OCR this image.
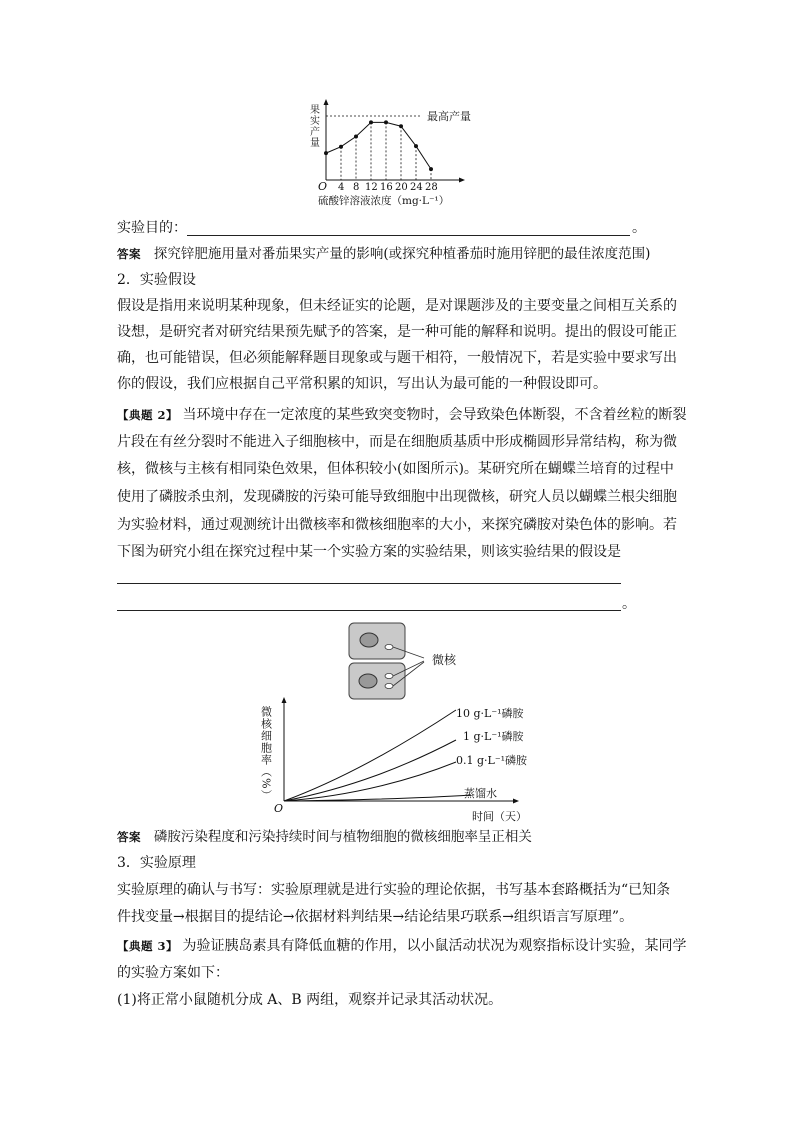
果实产量
O 4 8 12 16 20 24 28
最高产量
硫酸锌溶液浓度（mg·L⁻¹）
实验目的：	。
答案 探究锌肥施用量对番茄果实产量的影响(或探究种植番茄时施用锌肥的最佳浓度范围)
2．实验假设
假设是指用来说明某种现象，但未经证实的论题，是对课题涉及的主要变量之间相互关系的
设想，是研究者对研究结果预先赋予的答案，是一种可能的解释和说明。提出的假设可能正
确，也可能错误，但必须能解释题目现象或与题干相符，一般情况下，若是实验中要求写出
你的假设，我们应根据自己平常积累的知识，写出认为最可能的一种假设即可。
【典题 2】 当环境中存在一定浓度的某些致突变物时，会导致染色体断裂，不含着丝粒的断裂
片段在有丝分裂时不能进入子细胞核中，而是在细胞质基质中形成椭圆形异常结构，称为微
核，微核与主核有相同染色效果，但体积较小(如图所示)。某研究所在蝴蝶兰培育的过程中
使用了磷胺杀虫剂，发现磷胺的污染可能导致细胞中出现微核，研究人员以蝴蝶兰根尖细胞
为实验材料，通过观测统计出微核率和微核细胞率的大小，来探究磷胺对染色体的影响。若
下图为研究小组在探究过程中某一个实验方案的实验结果，则该实验结果的假设是
。
微核
微核细胞率（%）
O
时间（天）
10 g·L⁻¹磷胺
1 g·L⁻¹磷胺
0.1 g·L⁻¹磷胺
蒸馏水
答案 磷胺污染程度和污染持续时间与植物细胞的微核细胞率呈正相关
3．实验原理
实验原理的确认与书写：实验原理就是进行实验的理论依据，书写基本套路概括为“已知条
件找变量→根据目的提结论→依据材料判结果→结论结果巧联系→组织语言写原理”。
【典题 3】 为验证胰岛素具有降低血糖的作用，以小鼠活动状况为观察指标设计实验，某同学
的实验方案如下：
(1)将正常小鼠随机分成 A、B 两组，观察并记录其活动状况。
